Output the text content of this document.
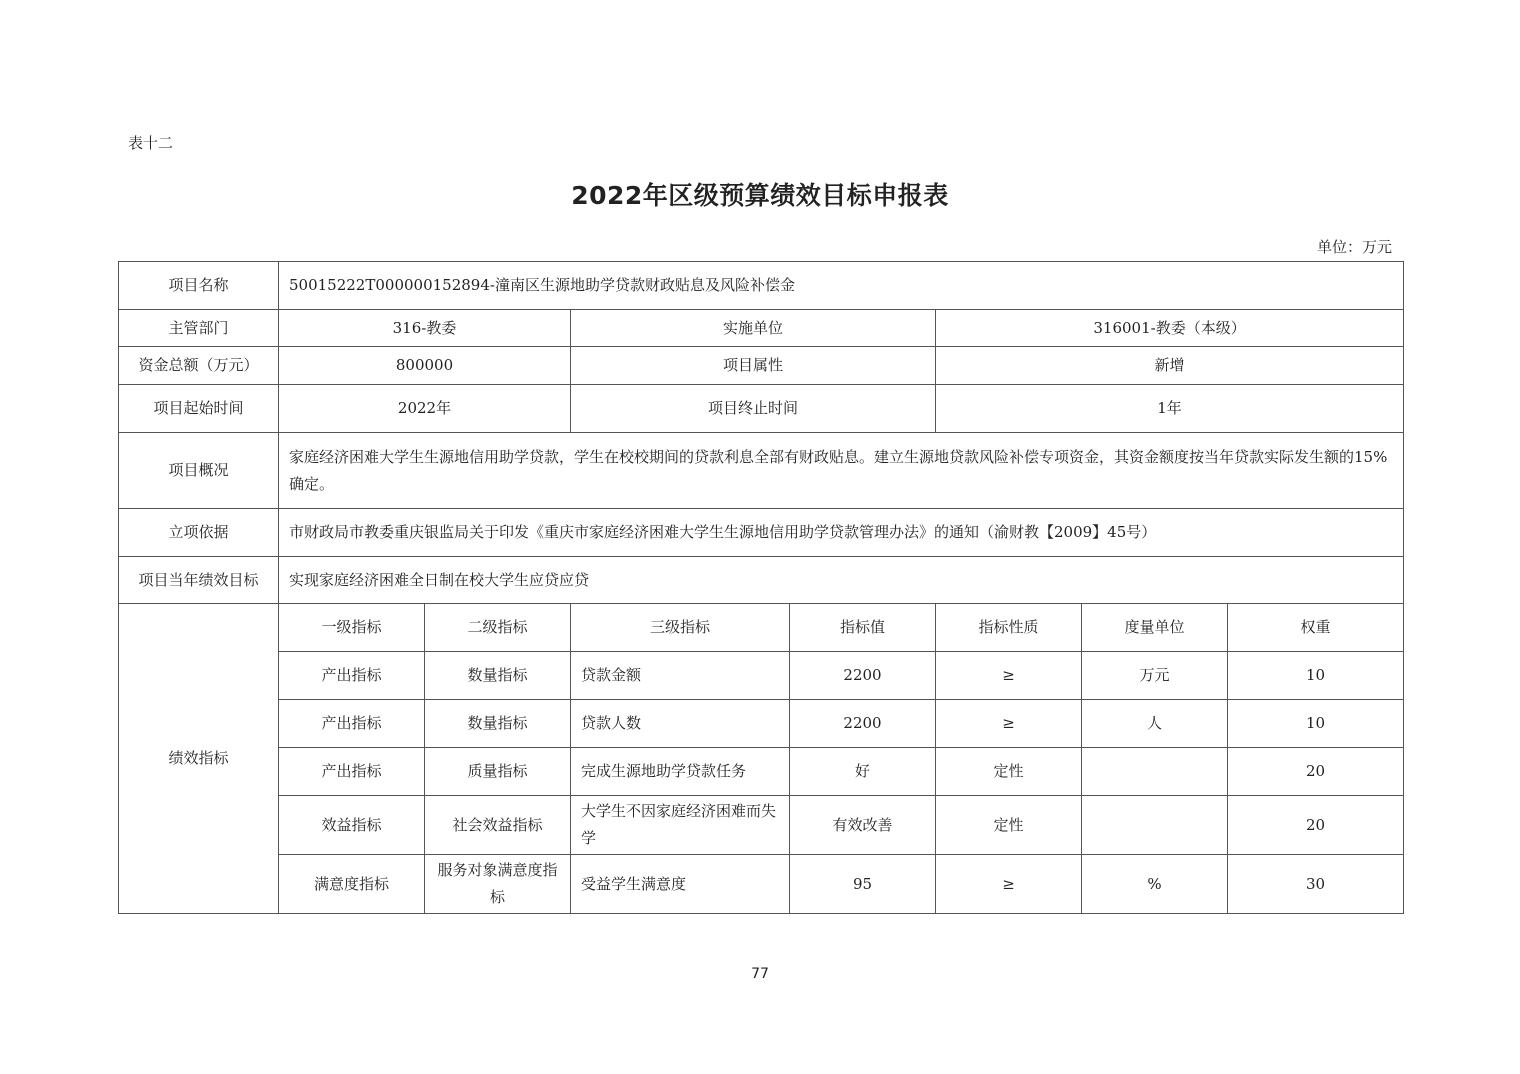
表十二
2022年区级预算绩效目标申报表
单位：万元
项目名称	50015222T000000152894-潼南区生源地助学贷款财政贴息及风险补偿金						
主管部门	316-教委		实施单位		316001-教委（本级）		
资金总额（万元）	800000		项目属性		新增		
项目起始时间	2022年		项目终止时间		1年		
项目概况	家庭经济困难大学生生源地信用助学贷款，学生在校校期间的贷款利息全部有财政贴息。建立生源地贷款风险补偿专项资金，其资金额度按当年贷款实际发生额的15%确定。						
立项依据	市财政局市教委重庆银监局关于印发《重庆市家庭经济困难大学生生源地信用助学贷款管理办法》的通知（渝财教【2009】45号）						
项目当年绩效目标	实现家庭经济困难全日制在校大学生应贷应贷						
绩效指标	一级指标	二级指标	三级指标	指标值	指标性质	度量单位	权重
	产出指标	数量指标	贷款金额	2200	≥	万元	10
	产出指标	数量指标	贷款人数	2200	≥	人	10
	产出指标	质量指标	完成生源地助学贷款任务	好	定性		20
	效益指标	社会效益指标	大学生不因家庭经济困难而失学	有效改善	定性		20
	满意度指标	服务对象满意度指标	受益学生满意度	95	≥	%	30
77
